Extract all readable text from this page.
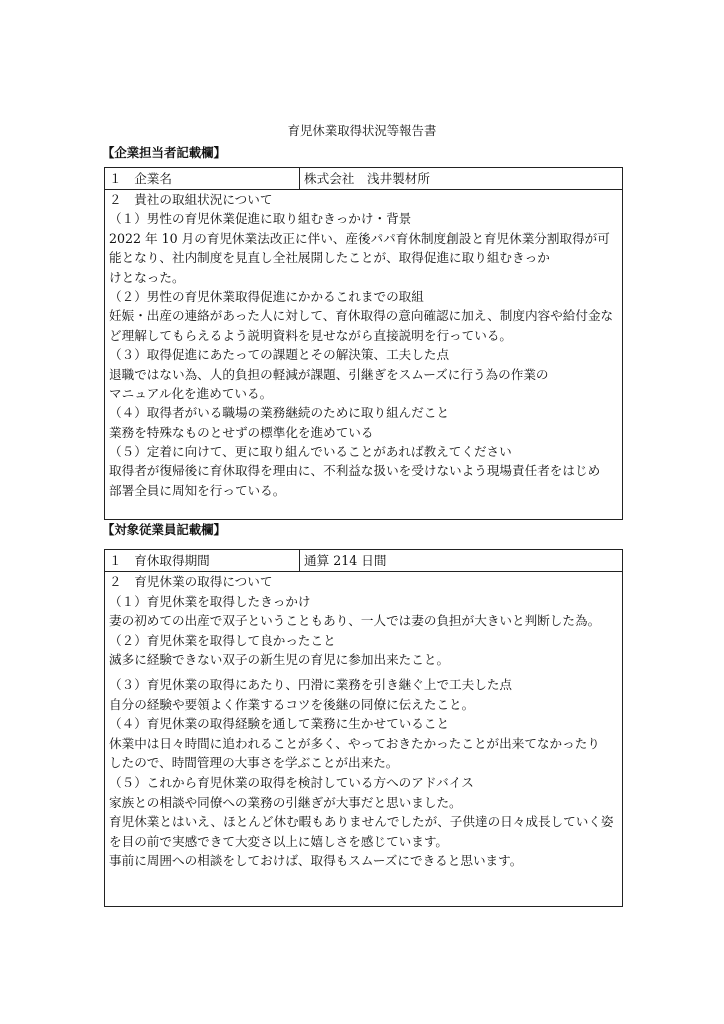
育児休業取得状況等報告書
【企業担当者記載欄】
１　企業名	株式会社　浅井製材所
２　貴社の取組状況について
（１）男性の育児休業促進に取り組むきっかけ・背景
2022 年 10 月の育児休業法改正に伴い、産後パパ育休制度創設と育児休業分割取得が可
能となり、社内制度を見直し全社展開したことが、取得促進に取り組むきっか
けとなった。
（２）男性の育児休業取得促進にかかるこれまでの取組
妊娠・出産の連絡があった人に対して、育休取得の意向確認に加え、制度内容や給付金な
ど理解してもらえるよう説明資料を見せながら直接説明を行っている。
（３）取得促進にあたっての課題とその解決策、工夫した点
退職ではない為、人的負担の軽減が課題、引継ぎをスムーズに行う為の作業の
マニュアル化を進めている。
（４）取得者がいる職場の業務継続のために取り組んだこと
業務を特殊なものとせずの標準化を進めている
（５）定着に向けて、更に取り組んでいることがあれば教えてください
取得者が復帰後に育休取得を理由に、不利益な扱いを受けないよう現場責任者をはじめ
部署全員に周知を行っている。
【対象従業員記載欄】
１　育休取得期間	通算 214 日間
２　育児休業の取得について
（１）育児休業を取得したきっかけ
妻の初めての出産で双子ということもあり、一人では妻の負担が大きいと判断した為。
（２）育児休業を取得して良かったこと
滅多に経験できない双子の新生児の育児に参加出来たこと。
（３）育児休業の取得にあたり、円滑に業務を引き継ぐ上で工夫した点
自分の経験や要領よく作業するコツを後継の同僚に伝えたこと。
（４）育児休業の取得経験を通して業務に生かせていること
休業中は日々時間に追われることが多く、やっておきたかったことが出来てなかったり
したので、時間管理の大事さを学ぶことが出来た。
（５）これから育児休業の取得を検討している方へのアドバイス
家族との相談や同僚への業務の引継ぎが大事だと思いました。
育児休業とはいえ、ほとんど休む暇もありませんでしたが、子供達の日々成長していく姿
を目の前で実感できて大変さ以上に嬉しさを感じています。
事前に周囲への相談をしておけば、取得もスムーズにできると思います。
